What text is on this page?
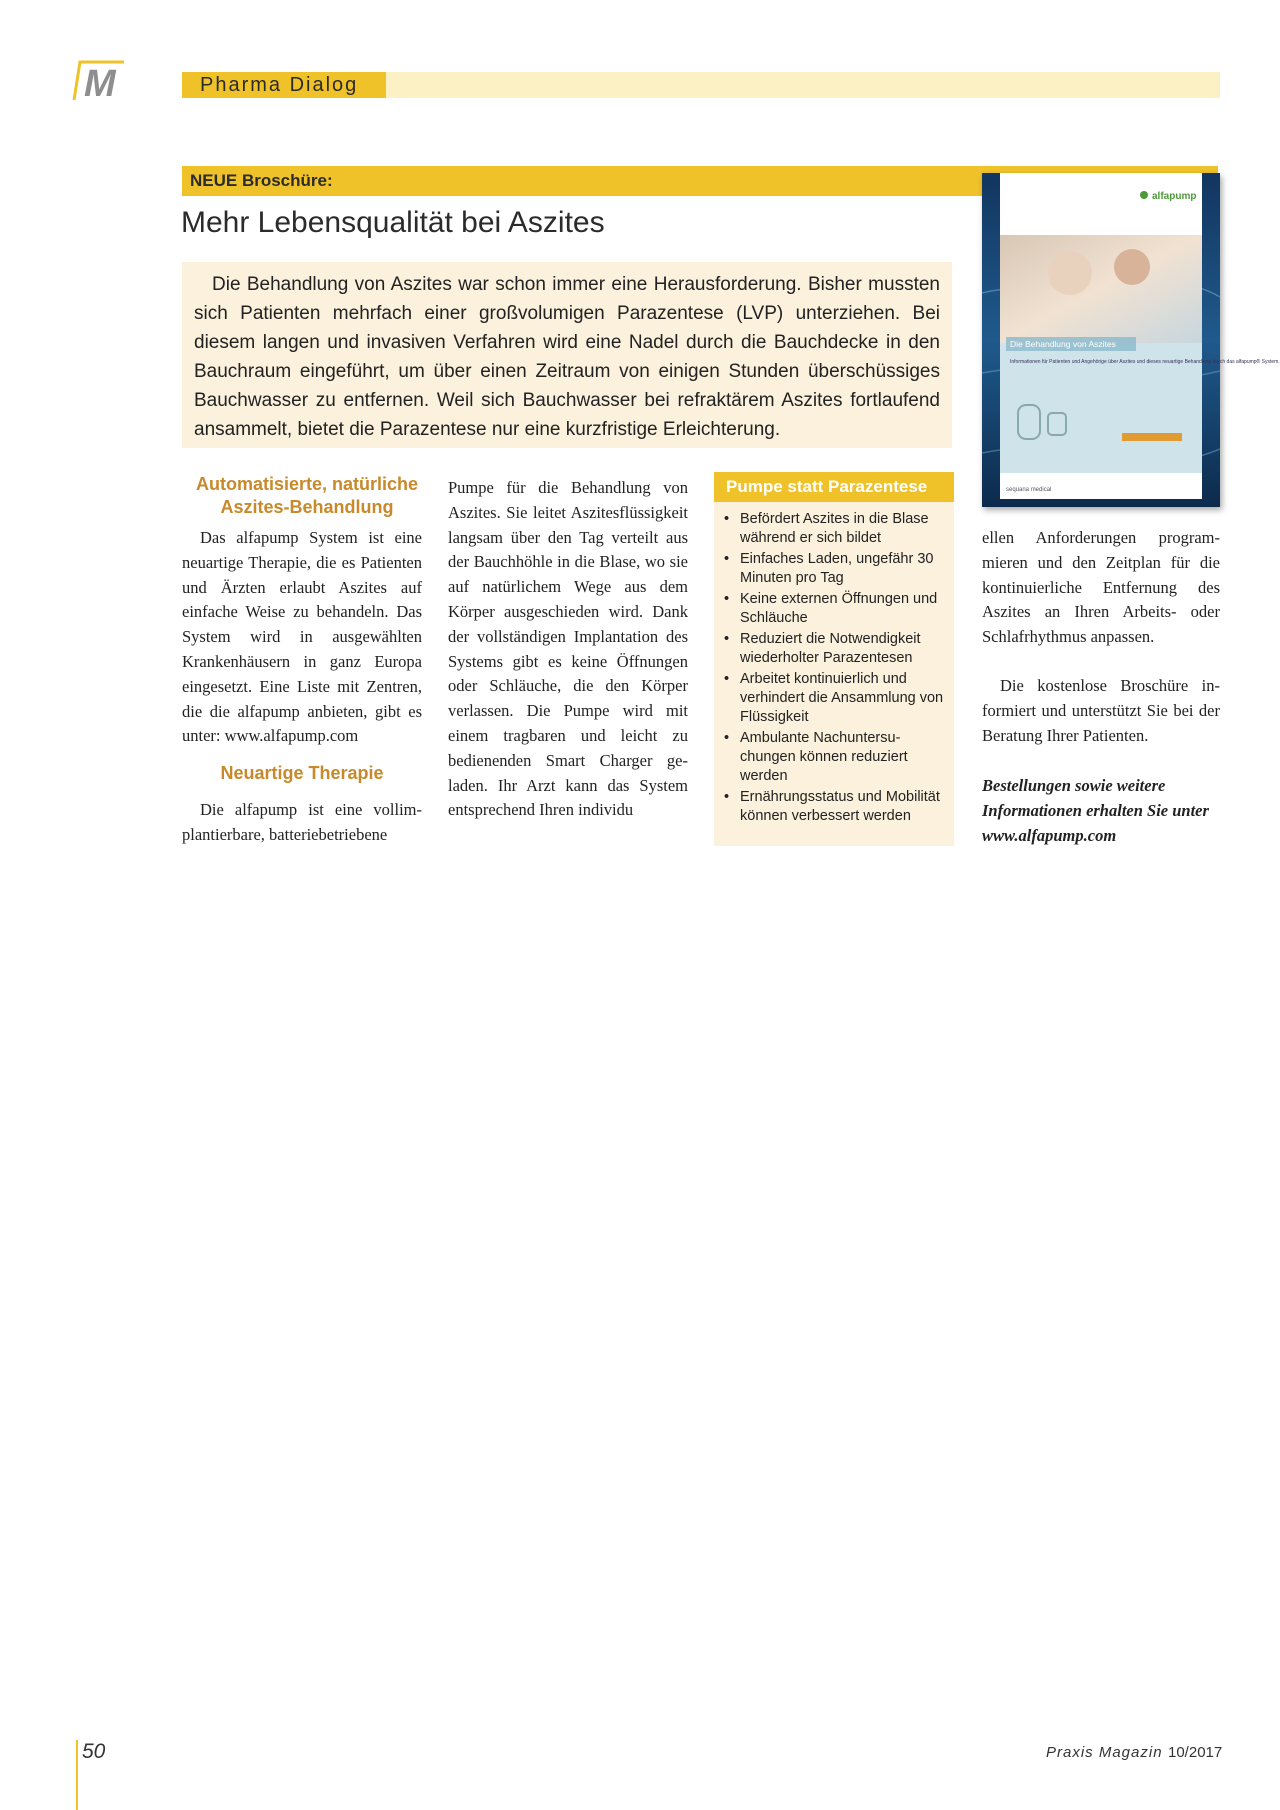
M	Pharma Dialog
NEUE Broschüre:
Mehr Lebensqualität bei Aszites

Die Behandlung von Aszites war schon immer eine Herausforderung. Bisher mussten sich Patienten mehrfach einer großvolumigen Parazentese (LVP) unterziehen. Bei diesem langen und invasiven Verfahren wird eine Nadel durch die Bauchdecke in den Bauchraum eingeführt, um über einen Zeitraum von einigen Stunden überschüssiges Bauchwasser zu entfernen. Weil sich Bauchwasser bei refraktärem Aszites fortlaufend ansammelt, bietet die Parazentese nur eine kurzfristige Erleichterung.

alfapump
Die Behandlung von Aszites
Informationen für Patienten und Angehörige über Aszites und dieses neuartige Behandlung durch das alfapump® System.
sequana medical

Automatisierte, natürliche Aszites-Behandlung

Das alfapump System ist eine neuartige Therapie, die es Patienten und Ärzten erlaubt Aszites auf einfache Weise zu behandeln. Das System wird in ausgewählten Krankenhäusern in ganz Europa eingesetzt. Eine Liste mit Zentren, die die alfapump anbieten, gibt es unter: www.alfapump.com

Neuartige Therapie

Die alfapump ist eine vollimplantierbare, batteriebetriebene

Pumpe für die Behandlung von Aszites. Sie leitet Aszitesflüssigkeit langsam über den Tag verteilt aus der Bauchhöhle in die Blase, wo sie auf natürlichem Wege aus dem Körper ausgeschieden wird. Dank der vollständigen Implantation des Systems gibt es keine Öffnungen oder Schläuche, die den Körper verlassen. Die Pumpe wird mit einem tragbaren und leicht zu bedienenden Smart Charger geladen. Ihr Arzt kann das System entsprechend Ihren individu

Pumpe statt Parazentese
• Befördert Aszites in die Blase während er sich bildet
• Einfaches Laden, ungefähr 30 Minuten pro Tag
• Keine externen Öffnungen und Schläuche
• Reduziert die Notwendigkeit wiederholter Parazentesen
• Arbeitet kontinuierlich und verhindert die Ansammlung von Flüssigkeit
• Ambulante Nachuntersuchungen können reduziert werden
• Ernährungsstatus und Mobilität können verbessert werden

ellen Anforderungen programmieren und den Zeitplan für die kontinuierliche Entfernung des Aszites an Ihren Arbeits- oder Schlafrhythmus anpassen.

Die kostenlose Broschüre informiert und unterstützt Sie bei der Beratung Ihrer Patienten.

Bestellungen sowie weitere Informationen erhalten Sie unter www.alfapump.com

50	Praxis Magazin 10/2017
